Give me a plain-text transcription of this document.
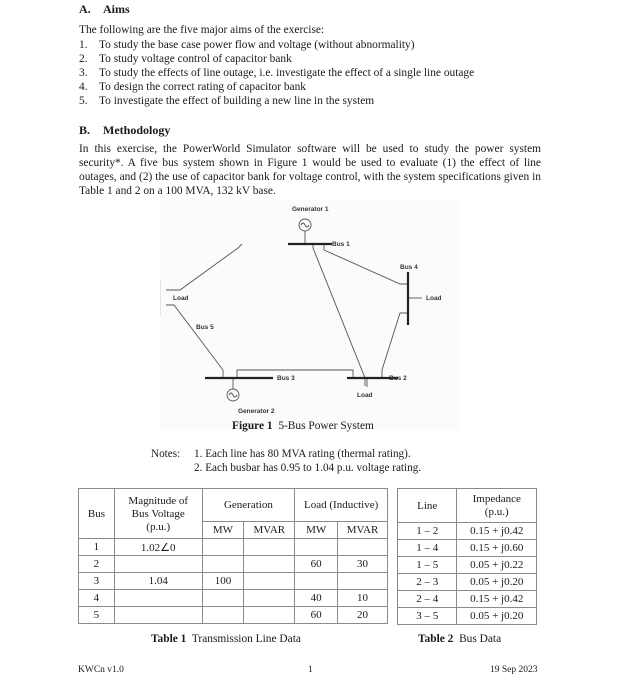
A. Aims
The following are the five major aims of the exercise:
1. To study the base case power flow and voltage (without abnormality)
2. To study voltage control of capacitor bank
3. To study the effects of line outage, i.e. investigate the effect of a single line outage
4. To design the correct rating of capacitor bank
5. To investigate the effect of building a new line in the system
B. Methodology
In this exercise, the PowerWorld Simulator software will be used to study the power system security*. A five bus system shown in Figure 1 would be used to evaluate (1) the effect of line outages, and (2) the use of capacitor bank for voltage control, with the system specifications given in Table 1 and 2 on a 100 MVA, 132 kV base.
Generator 1
Bus 1
Bus 4
Load
Load
Bus 5
Bus 3	Bus 2
Load
Generator 2
Figure 1 5-Bus Power System
Notes: 1. Each line has 80 MVA rating (thermal rating).
2. Each busbar has 0.95 to 1.04 p.u. voltage rating.
Bus	Magnitude of
Bus Voltage
(p.u.)	Generation		Load (Inductive)	
		MW	MVAR	MW	MVAR
1	1.02∠0				
2				60	30
3	1.04	100			
4				40	10
5				60	20
Table 1 Transmission Line Data
Line	Impedance
(p.u.)

1 – 2	0.15 + j0.42
1 – 4	0.15 + j0.60
1 – 5	0.05 + j0.22
2 – 3	0.05 + j0.20
2 – 4	0.15 + j0.42
3 – 5	0.05 + j0.20
Table 2 Bus Data
KWCn v1.0	1	19 Sep 2023
